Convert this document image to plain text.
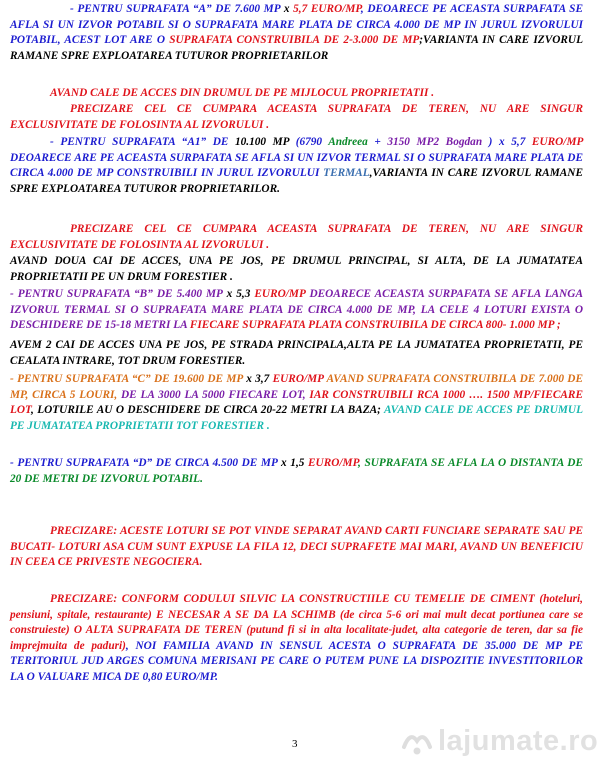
- PENTRU SUPRAFATA “A” DE 7.600 MP x 5,7 EURO/MP, DEOARECE PE ACEASTA SURPAFATA SE AFLA SI UN IZVOR POTABIL SI O SUPRAFATA MARE PLATA DE CIRCA 4.000 DE MP IN JURUL IZVORULUI POTABIL, ACEST LOT ARE O SUPRAFATA CONSTRUIBILA DE 2-3.000 DE MP;VARIANTA IN CARE IZVORUL RAMANE SPRE EXPLOATAREA TUTUROR PROPRIETARILOR
AVAND CALE DE ACCES DIN DRUMUL DE PE MIJLOCUL PROPRIETATII .
PRECIZARE CEL CE CUMPARA ACEASTA SUPRAFATA DE TEREN, NU ARE SINGUR EXCLUSIVITATE DE FOLOSINTA AL IZVORULUI .
- PENTRU SUPRAFATA “A1” DE 10.100 MP (6790 Andreea + 3150 MP2 Bogdan ) x 5,7 EURO/MP DEOARECE ARE PE ACEASTA SURPAFATA SE AFLA SI UN IZVOR TERMAL SI O SUPRAFATA MARE PLATA DE CIRCA 4.000 DE MP CONSTRUIBILI IN JURUL IZVORULUI TERMAL,VARIANTA IN CARE IZVORUL RAMANE SPRE EXPLOATAREA TUTUROR PROPRIETARILOR.
PRECIZARE CEL CE CUMPARA ACEASTA SUPRAFATA DE TEREN, NU ARE SINGUR EXCLUSIVITATE DE FOLOSINTA AL IZVORULUI .
AVAND DOUA CAI DE ACCES, UNA PE JOS, PE DRUMUL PRINCIPAL, SI ALTA, DE LA JUMATATEA PROPRIETATII PE UN DRUM FORESTIER .
- PENTRU SUPRAFATA “B” DE 5.400 MP x 5,3 EURO/MP DEOARECE ACEASTA SURPAFATA SE AFLA LANGA IZVORUL TERMAL SI O SUPRAFATA MARE PLATA DE CIRCA 4.000 DE MP, LA CELE 4 LOTURI EXISTA O DESCHIDERE DE 15-18 METRI LA FIECARE SUPRAFATA PLATA CONSTRUIBILA DE CIRCA 800- 1.000 MP ;
AVEM 2 CAI DE ACCES UNA PE JOS, PE STRADA PRINCIPALA,ALTA PE LA JUMATATEA PROPRIETATII, PE CEALATA INTRARE, TOT DRUM FORESTIER.
- PENTRU SUPRAFATA “C” DE 19.600 DE MP x 3,7 EURO/MP AVAND SUPRAFATA CONSTRUIBILA DE 7.000 DE MP, CIRCA 5 LOURI, DE LA 3000 LA 5000 FIECARE LOT, IAR CONSTRUIBILI RCA 1000 …. 1500 MP/FIECARE LOT, LOTURILE AU O DESCHIDERE DE CIRCA 20-22 METRI LA BAZA; AVAND CALE DE ACCES PE DRUMUL PE JUMATATEA PROPRIETATII TOT FORESTIER .
- PENTRU SUPRAFATA “D” DE CIRCA 4.500 DE MP x 1,5 EURO/MP, SUPRAFATA SE AFLA LA O DISTANTA DE 20 DE METRI DE IZVORUL POTABIL.
PRECIZARE: ACESTE LOTURI SE POT VINDE SEPARAT AVAND CARTI FUNCIARE SEPARATE SAU PE BUCATI- LOTURI ASA CUM SUNT EXPUSE LA FILA 12, DECI SUPRAFETE MAI MARI, AVAND UN BENEFICIU IN CEEA CE PRIVESTE NEGOCIERA.
PRECIZARE: CONFORM CODULUI SILVIC LA CONSTRUCTIILE CU TEMELIE DE CIMENT (hoteluri, pensiuni, spitale, restaurante) E NECESAR A SE DA LA SCHIMB (de circa 5-6 ori mai mult decat portiunea care se construieste) O ALTA SUPRAFATA DE TEREN (putund fi si in alta localitate-judet, alta categorie de teren, dar sa fie imprejmuita de paduri), NOI FAMILIA AVAND IN SENSUL ACESTA O SUPRAFATA DE 35.000 DE MP PE TERITORIUL JUD ARGES COMUNA MERISANI PE CARE O PUTEM PUNE LA DISPOZITIE INVESTITORILOR LA O VALUARE MICA DE 0,80 EURO/MP.
3	lajumate.ro
